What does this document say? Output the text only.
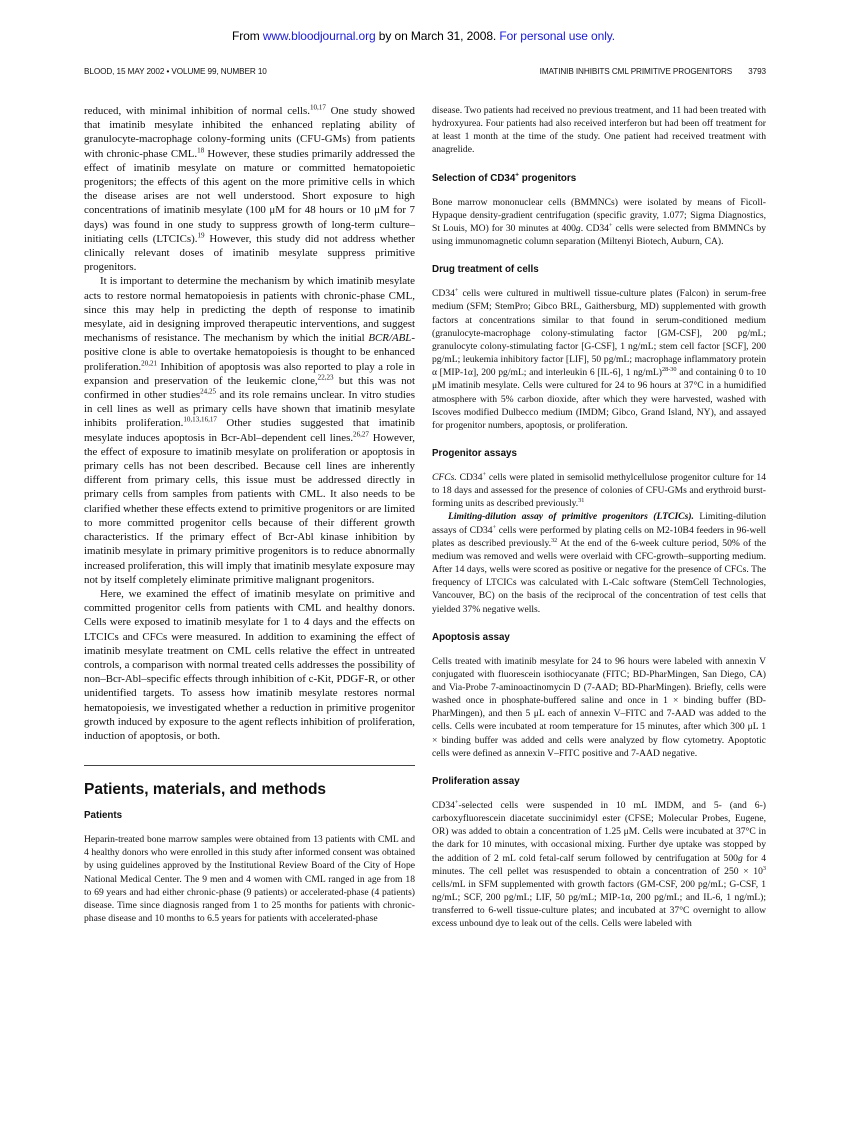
From www.bloodjournal.org by on March 31, 2008. For personal use only.
BLOOD, 15 MAY 2002 • VOLUME 99, NUMBER 10	IMATINIB INHIBITS CML PRIMITIVE PROGENITORS 3793

reduced, with minimal inhibition of normal cells.$^{10,17}$ One study showed that imatinib mesylate inhibited the enhanced replating ability of granulocyte-macrophage colony-forming units (CFU-GMs) from patients with chronic-phase CML.$^{18}$ However, these studies primarily addressed the effect of imatinib mesylate on mature or committed hematopoietic progenitors; the effects of this agent on the more primitive cells in which the disease arises are not well understood. Short exposure to high concentrations of imatinib mesylate (100 μM for 48 hours or 10 μM for 7 days) was found in one study to suppress growth of long-term culture–initiating cells (LTCICs).$^{19}$ However, this study did not address whether clinically relevant doses of imatinib mesylate suppress primitive progenitors.

It is important to determine the mechanism by which imatinib mesylate acts to restore normal hematopoiesis in patients with chronic-phase CML, since this may help in predicting the depth of response to imatinib mesylate, aid in designing improved therapeutic interventions, and suggest mechanisms of resistance. The mechanism by which the initial BCR/ABL-positive clone is able to overtake hematopoiesis is thought to be enhanced proliferation.$^{20,21}$ Inhibition of apoptosis was also reported to play a role in expansion and preservation of the leukemic clone,$^{22,23}$ but this was not confirmed in other studies$^{24,25}$ and its role remains unclear. In vitro studies in cell lines as well as primary cells have shown that imatinib mesylate inhibits proliferation.$^{10,13,16,17}$ Other studies suggested that imatinib mesylate induces apoptosis in Bcr-Abl–dependent cell lines.$^{26,27}$ However, the effect of exposure to imatinib mesylate on proliferation or apoptosis in primary cells has not been described. Because cell lines are inherently different from primary cells, this issue must be addressed directly in primary cells from samples from patients with CML. It also needs to be clarified whether these effects extend to primitive progenitors or are limited to more committed progenitor cells because of their different growth characteristics. If the primary effect of Bcr-Abl kinase inhibition by imatinib mesylate in primary primitive progenitors is to reduce abnormally increased proliferation, this will imply that imatinib mesylate exposure may not by itself completely eliminate primitive malignant progenitors.

Here, we examined the effect of imatinib mesylate on primitive and committed progenitor cells from patients with CML and healthy donors. Cells were exposed to imatinib mesylate for 1 to 4 days and the effects on LTCICs and CFCs were measured. In addition to examining the effect of imatinib mesylate treatment on CML cells relative the effect in untreated controls, a comparison with normal treated cells addresses the possibility of non–Bcr-Abl–specific effects through inhibition of c-Kit, PDGF-R, or other unidentified targets. To assess how imatinib mesylate restores normal hematopoiesis, we investigated whether a reduction in primitive progenitor growth induced by exposure to the agent reflects inhibition of proliferation, induction of apoptosis, or both.

Patients, materials, and methods
Patients

Heparin-treated bone marrow samples were obtained from 13 patients with CML and 4 healthy donors who were enrolled in this study after informed consent was obtained by using guidelines approved by the Institutional Review Board of the City of Hope National Medical Center. The 9 men and 4 women with CML ranged in age from 18 to 69 years and had either chronic-phase (9 patients) or accelerated-phase (4 patients) disease. Time since diagnosis ranged from 1 to 25 months for patients with chronic-phase disease and 10 months to 6.5 years for patients with accelerated-phase

disease. Two patients had received no previous treatment, and 11 had been treated with hydroxyurea. Four patients had also received interferon but had been off treatment for at least 1 month at the time of the study. One patient had received treatment with anagrelide.

Selection of CD34+ progenitors

Bone marrow mononuclear cells (BMMNCs) were isolated by means of Ficoll-Hypaque density-gradient centrifugation (specific gravity, 1.077; Sigma Diagnostics, St Louis, MO) for 30 minutes at 400g. CD34+ cells were selected from BMMNCs by using immunomagnetic column separation (Miltenyi Biotech, Auburn, CA).

Drug treatment of cells

CD34+ cells were cultured in multiwell tissue-culture plates (Falcon) in serum-free medium (SFM; StemPro; Gibco BRL, Gaithersburg, MD) supplemented with growth factors at concentrations similar to that found in serum-conditioned medium (granulocyte-macrophage colony-stimulating factor [GM-CSF], 200 pg/mL; granulocyte colony-stimulating factor [G-CSF], 1 ng/mL; stem cell factor [SCF], 200 pg/mL; leukemia inhibitory factor [LIF], 50 pg/mL; macrophage inflammatory protein α [MIP-1α], 200 pg/mL; and interleukin 6 [IL-6], 1 ng/mL)$^{28-30}$ and containing 0 to 10 μM imatinib mesylate. Cells were cultured for 24 to 96 hours at 37°C in a humidified atmosphere with 5% carbon dioxide, after which they were harvested, washed with Iscoves modified Dulbecco medium (IMDM; Gibco, Grand Island, NY), and assayed for progenitor numbers, apoptosis, or proliferation.

Progenitor assays

CFCs. CD34+ cells were plated in semisolid methylcellulose progenitor culture for 14 to 18 days and assessed for the presence of colonies of CFU-GMs and erythroid burst-forming units as described previously.$^{31}$

Limiting-dilution assay of primitive progenitors (LTCICs). Limiting-dilution assays of CD34+ cells were performed by plating cells on M2-10B4 feeders in 96-well plates as described previously.$^{32}$ At the end of the 6-week culture period, 50% of the medium was removed and wells were overlaid with CFC-growth–supporting medium. After 14 days, wells were scored as positive or negative for the presence of CFCs. The frequency of LTCICs was calculated with L-Calc software (StemCell Technologies, Vancouver, BC) on the basis of the reciprocal of the concentration of test cells that yielded 37% negative wells.

Apoptosis assay

Cells treated with imatinib mesylate for 24 to 96 hours were labeled with annexin V conjugated with fluorescein isothiocyanate (FITC; BD-PharMingen, San Diego, CA) and Via-Probe 7-aminoactinomycin D (7-AAD; BD-PharMingen). Briefly, cells were washed once in phosphate-buffered saline and once in 1 × binding buffer (BD-PharMingen), and then 5 μL each of annexin V–FITC and 7-AAD was added to the cells. Cells were incubated at room temperature for 15 minutes, after which 300 μL 1 × binding buffer was added and cells were analyzed by flow cytometry. Apoptotic cells were defined as annexin V–FITC positive and 7-AAD negative.

Proliferation assay

CD34+-selected cells were suspended in 10 mL IMDM, and 5- (and 6-) carboxyfluorescein diacetate succinimidyl ester (CFSE; Molecular Probes, Eugene, OR) was added to obtain a concentration of 1.25 μM. Cells were incubated at 37°C in the dark for 10 minutes, with occasional mixing. Further dye uptake was stopped by the addition of 2 mL cold fetal-calf serum followed by centrifugation at 500g for 4 minutes. The cell pellet was resuspended to obtain a concentration of $250 \times 10^3$ cells/mL in SFM supplemented with growth factors (GM-CSF, 200 pg/mL; G-CSF, 1 ng/mL; SCF, 200 pg/mL; LIF, 50 pg/mL; MIP-1α, 200 pg/mL; and IL-6, 1 ng/mL); transferred to 6-well tissue-culture plates; and incubated at 37°C overnight to allow excess unbound dye to leak out of the cells. Cells were labeled with
